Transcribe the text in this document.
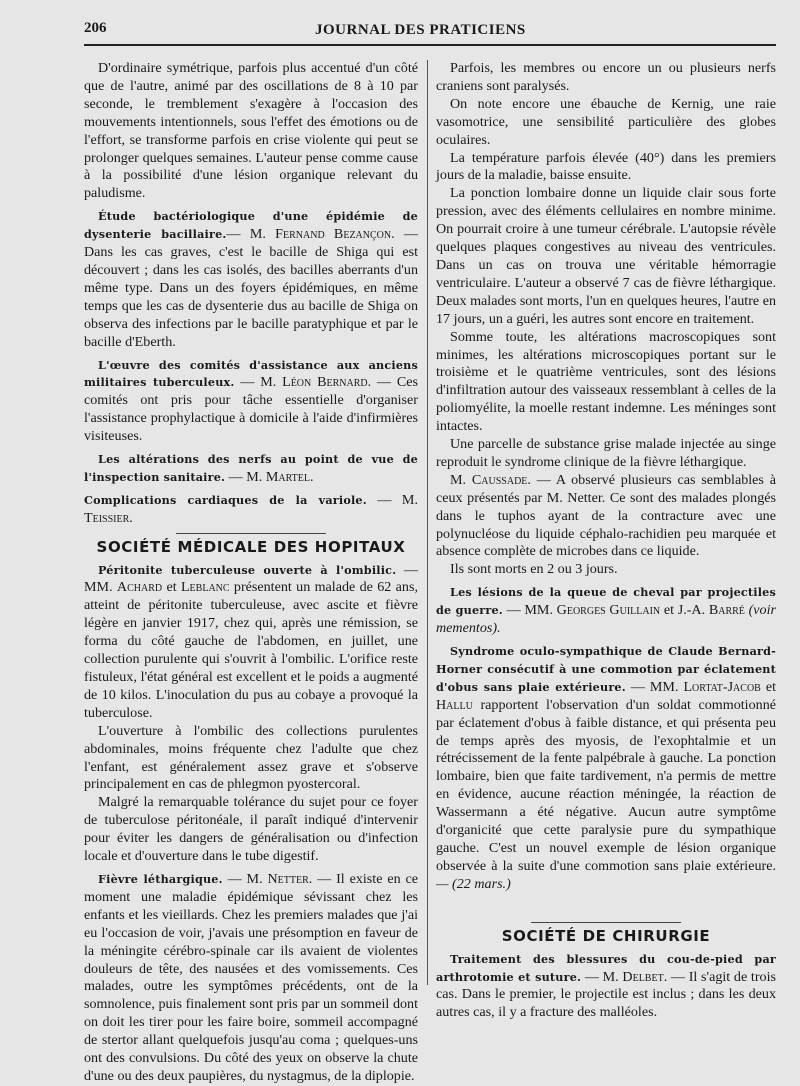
206	JOURNAL DES PRATICIENS

D'ordinaire symétrique, parfois plus accentué d'un côté que de l'autre, animé par des oscillations de 8 à 10 par seconde, le tremblement s'exagère à l'occasion des mouvements intentionnels, sous l'effet des émotions ou de l'effort, se transforme parfois en crise violente qui peut se prolonger quelques semaines. L'auteur pense comme cause à la possibilité d'une lésion organique relevant du paludisme.

Étude bactériologique d'une épidémie de dysenterie bacillaire.— M. Fernand Bezançon. — Dans les cas graves, c'est le bacille de Shiga qui est découvert ; dans les cas isolés, des bacilles aberrants d'un même type. Dans un des foyers épidémiques, en même temps que les cas de dysenterie dus au bacille de Shiga on observa des infections par le bacille paratyphique et par le bacille d'Eberth.

L'œuvre des comités d'assistance aux anciens militaires tuberculeux. — M. Léon Bernard. — Ces comités ont pris pour tâche essentielle d'organiser l'assistance prophylactique à domicile à l'aide d'infirmières visiteuses.

Les altérations des nerfs au point de vue de l'inspection sanitaire. — M. Martel.

Complications cardiaques de la variole. — M. Teissier.

SOCIÉTÉ MÉDICALE DES HOPITAUX

Péritonite tuberculeuse ouverte à l'ombilic. — MM. Achard et Leblanc présentent un malade de 62 ans, atteint de péritonite tuberculeuse, avec ascite et fièvre légère en janvier 1917, chez qui, après une rémission, se forma du côté gauche de l'abdomen, en juillet, une collection purulente qui s'ouvrit à l'ombilic. L'orifice reste fistuleux, l'état général est excellent et le poids a augmenté de 10 kilos. L'inoculation du pus au cobaye a provoqué la tuberculose.

L'ouverture à l'ombilic des collections purulentes abdominales, moins fréquente chez l'adulte que chez l'enfant, est généralement assez grave et s'observe principalement en cas de phlegmon pyostercoral.

Malgré la remarquable tolérance du sujet pour ce foyer de tuberculose péritonéale, il paraît indiqué d'intervenir pour éviter les dangers de généralisation ou d'infection locale et d'ouverture dans le tube digestif.

Fièvre léthargique. — M. Netter. — Il existe en ce moment une maladie épidémique sévissant chez les enfants et les vieillards. Chez les premiers malades que j'ai eu l'occasion de voir, j'avais une présomption en faveur de la méningite cérébro-spinale car ils avaient de violentes douleurs de tête, des nausées et des vomissements. Ces malades, outre les symptômes précédents, ont de la somnolence, puis finalement sont pris par un sommeil dont on doit les tirer pour les faire boire, sommeil accompagné de stertor allant quelquefois jusqu'au coma ; quelques-uns ont des convulsions. Du côté des yeux on observe la chute d'une ou des deux paupières, du nystagmus, de la diplopie.

Parfois, les membres ou encore un ou plusieurs nerfs craniens sont paralysés.

On note encore une ébauche de Kernig, une raie vasomotrice, une sensibilité particulière des globes oculaires.

La température parfois élevée (40°) dans les premiers jours de la maladie, baisse ensuite.

La ponction lombaire donne un liquide clair sous forte pression, avec des éléments cellulaires en nombre minime. On pourrait croire à une tumeur cérébrale. L'autopsie révèle quelques plaques congestives au niveau des ventricules. Dans un cas on trouva une véritable hémorragie ventriculaire. L'auteur a observé 7 cas de fièvre léthargique. Deux malades sont morts, l'un en quelques heures, l'autre en 17 jours, un a guéri, les autres sont encore en traitement.

Somme toute, les altérations macroscopiques sont minimes, les altérations microscopiques portant sur le troisième et le quatrième ventricules, sont des lésions d'infiltration autour des vaisseaux ressemblant à celles de la poliomyélite, la moelle restant indemne. Les méninges sont intactes.

Une parcelle de substance grise malade injectée au singe reproduit le syndrome clinique de la fièvre léthargique.

M. Caussade. — A observé plusieurs cas semblables à ceux présentés par M. Netter. Ce sont des malades plongés dans le tuphos ayant de la contracture avec une polynucléose du liquide céphalo-rachidien peu marquée et absence complète de microbes dans ce liquide.

Ils sont morts en 2 ou 3 jours.

Les lésions de la queue de cheval par projectiles de guerre. — MM. Georges Guillain et J.-A. Barré (voir mementos).

Syndrome oculo-sympathique de Claude Bernard-Horner consécutif à une commotion par éclatement d'obus sans plaie extérieure. — MM. Lortat-Jacob et Hallu rapportent l'observation d'un soldat commotionné par éclatement d'obus à faible distance, et qui présenta peu de temps après des myosis, de l'exophtalmie et un rétrécissement de la fente palpébrale à gauche. La ponction lombaire, bien que faite tardivement, n'a permis de mettre en évidence, aucune réaction méningée, la réaction de Wassermann a été négative. Aucun autre symptôme d'organicité que cette paralysie pure du sympathique gauche. C'est un nouvel exemple de lésion organique observée à la suite d'une commotion sans plaie extérieure. — (22 mars.)

SOCIÉTÉ DE CHIRURGIE

Traitement des blessures du cou-de-pied par arthrotomie et suture. — M. Delbet. — Il s'agit de trois cas. Dans le premier, le projectile est inclus ; dans les deux autres cas, il y a fracture des malléoles.
